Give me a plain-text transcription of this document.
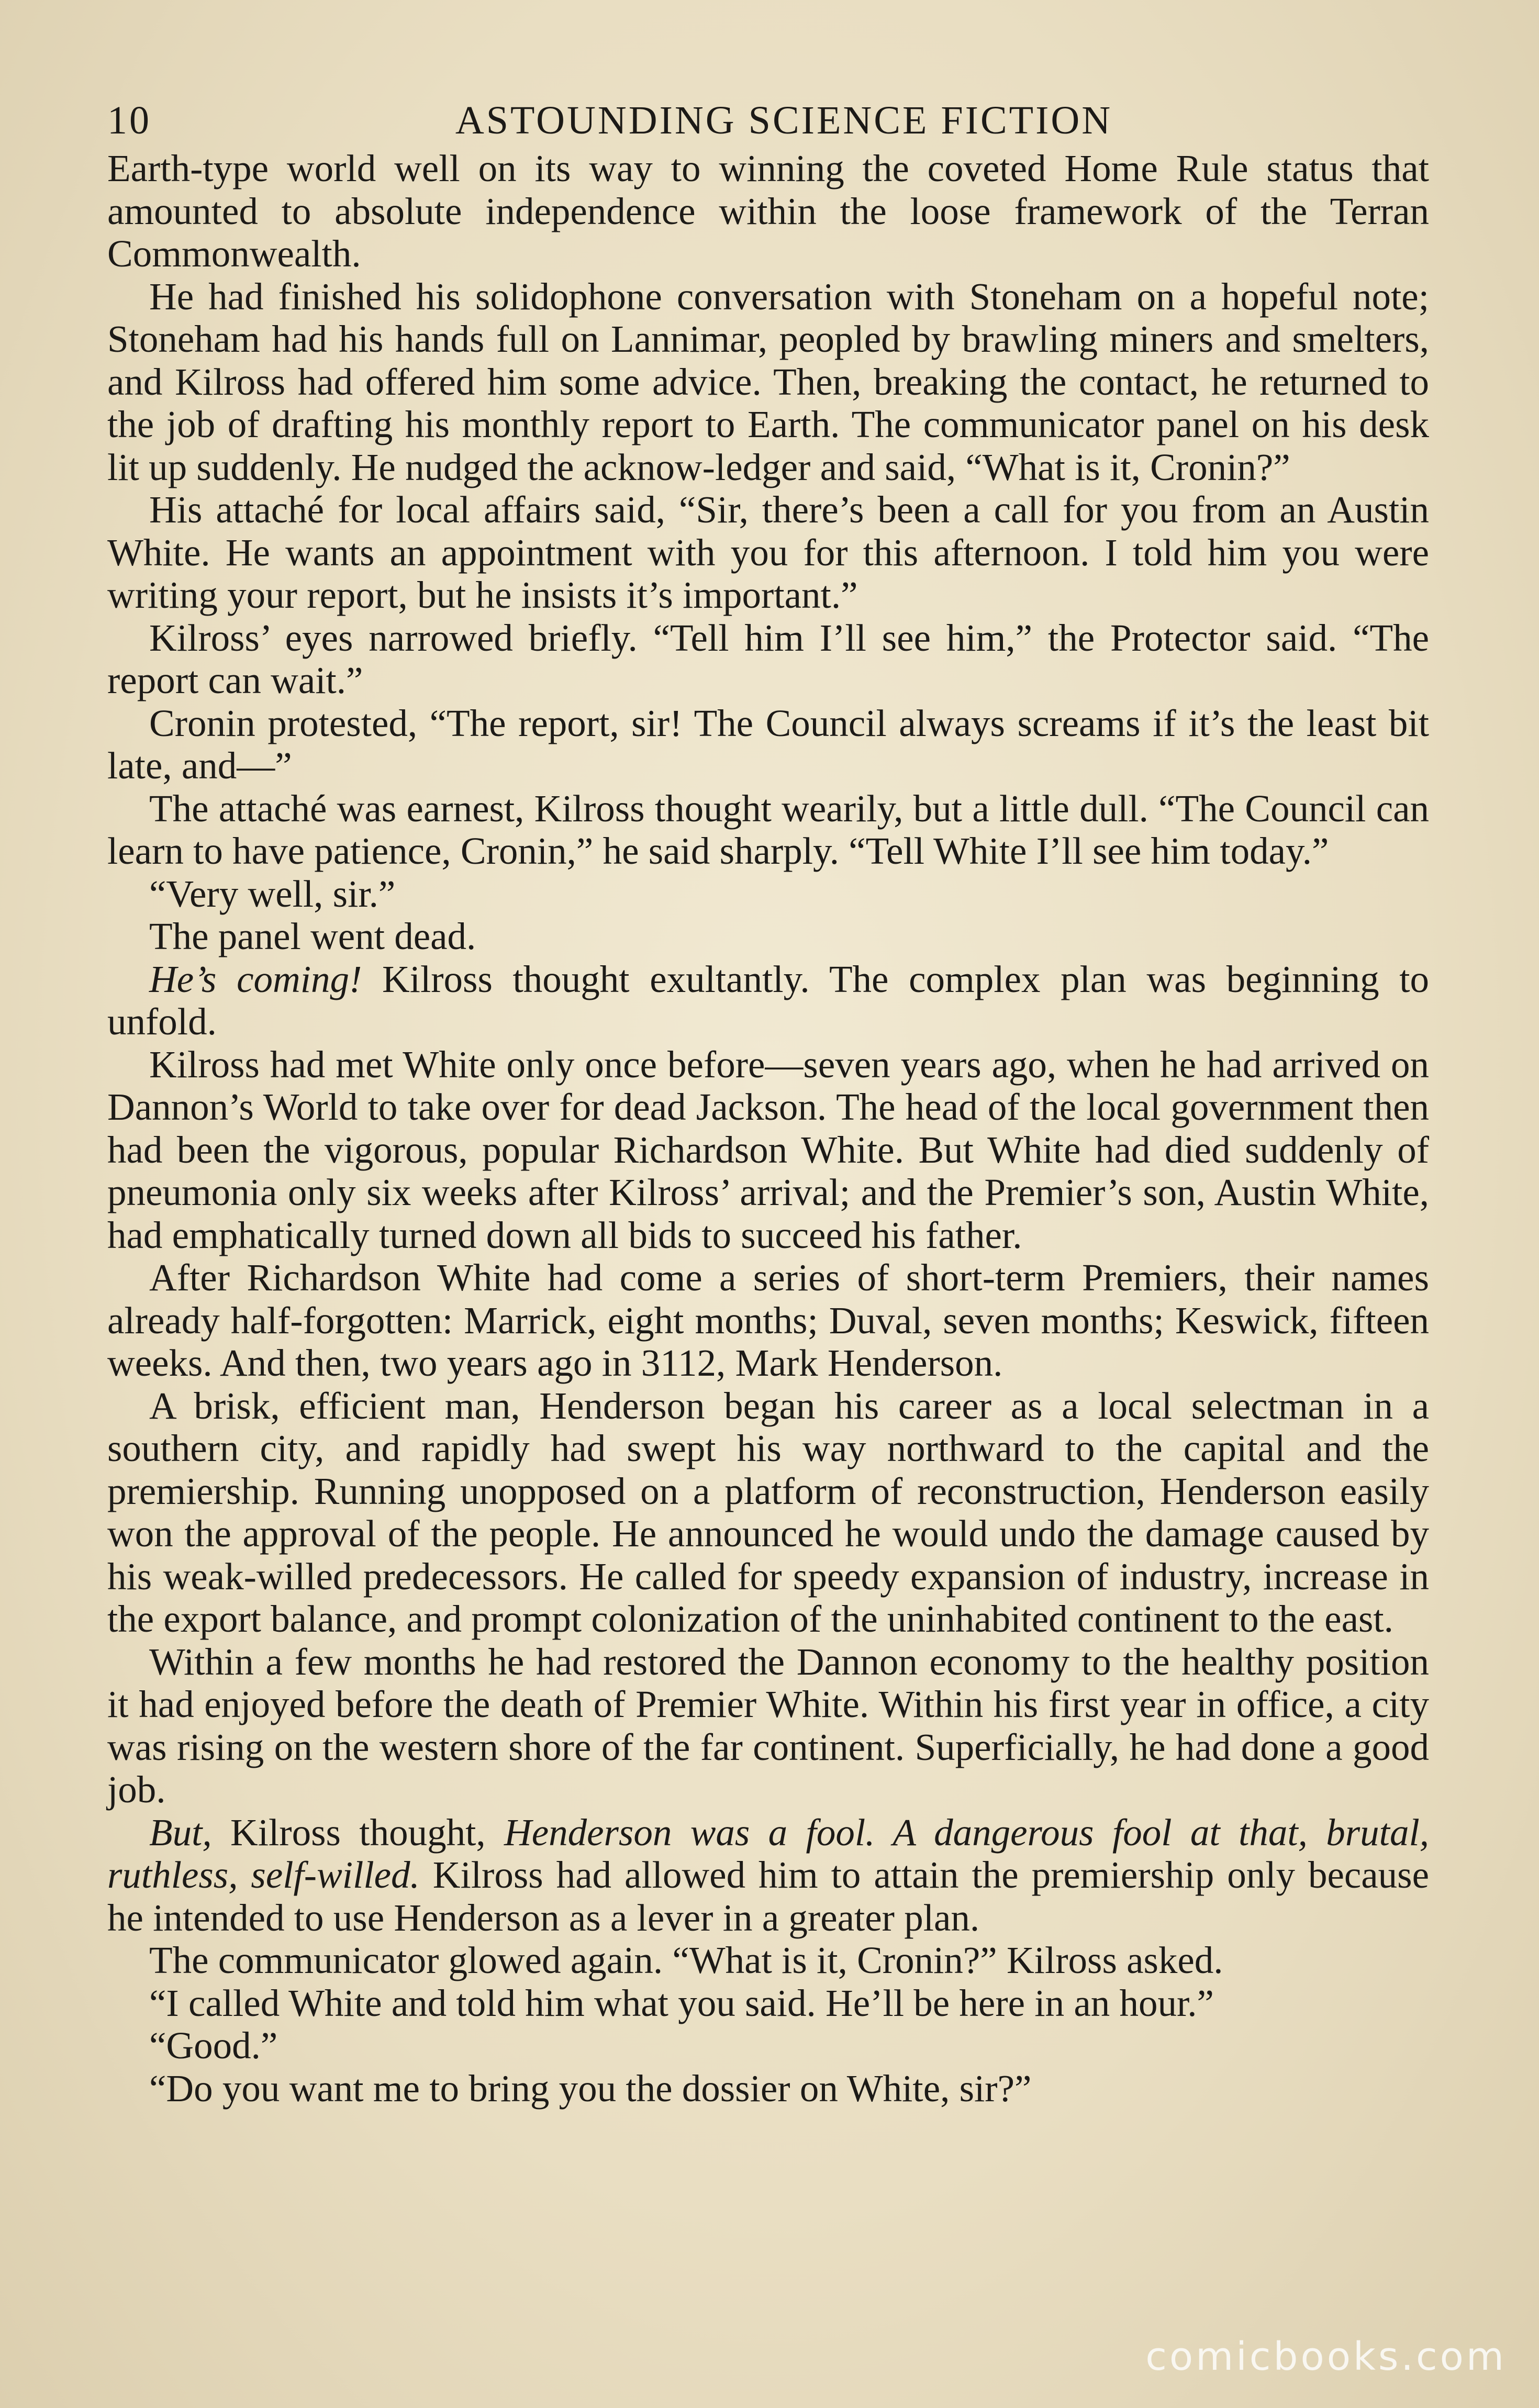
10	ASTOUNDING SCIENCE FICTION

Earth-type world well on its way to winning the coveted Home Rule status that amounted to absolute independence within the loose framework of the Terran Commonwealth.

He had finished his solidophone conversation with Stoneham on a hopeful note; Stoneham had his hands full on Lannimar, peopled by brawling miners and smelters, and Kilross had offered him some advice. Then, breaking the contact, he returned to the job of drafting his monthly report to Earth. The communicator panel on his desk lit up suddenly. He nudged the acknow-ledger and said, “What is it, Cronin?”

His attaché for local affairs said, “Sir, there’s been a call for you from an Austin White. He wants an appointment with you for this afternoon. I told him you were writing your report, but he insists it’s important.”

Kilross’ eyes narrowed briefly. “Tell him I’ll see him,” the Protector said. “The report can wait.”

Cronin protested, “The report, sir! The Council always screams if it’s the least bit late, and—”

The attaché was earnest, Kilross thought wearily, but a little dull. “The Council can learn to have patience, Cronin,” he said sharply. “Tell White I’ll see him today.”

“Very well, sir.”

The panel went dead.

He’s coming! Kilross thought exultantly. The complex plan was beginning to unfold.

Kilross had met White only once before—seven years ago, when he had arrived on Dannon’s World to take over for dead Jackson. The head of the local government then had been the vigorous, popular Richardson White. But White had died suddenly of pneumonia only six weeks after Kilross’ arrival; and the Premier’s son, Austin White, had emphatically turned down all bids to succeed his father.

After Richardson White had come a series of short-term Premiers, their names already half-forgotten: Marrick, eight months; Duval, seven months; Keswick, fifteen weeks. And then, two years ago in 3112, Mark Henderson.

A brisk, efficient man, Henderson began his career as a local selectman in a southern city, and rapidly had swept his way northward to the capital and the premiership. Running unopposed on a platform of reconstruction, Henderson easily won the approval of the people. He announced he would undo the damage caused by his weak-willed predecessors. He called for speedy expansion of industry, increase in the export balance, and prompt colonization of the uninhabited continent to the east.

Within a few months he had restored the Dannon economy to the healthy position it had enjoyed before the death of Premier White. Within his first year in office, a city was rising on the western shore of the far continent. Superficially, he had done a good job.

But, Kilross thought, Henderson was a fool. A dangerous fool at that, brutal, ruthless, self-willed. Kilross had allowed him to attain the premiership only because he intended to use Henderson as a lever in a greater plan.

The communicator glowed again. “What is it, Cronin?” Kilross asked.

“I called White and told him what you said. He’ll be here in an hour.”

“Good.”

“Do you want me to bring you the dossier on White, sir?”

comicbooks.com
